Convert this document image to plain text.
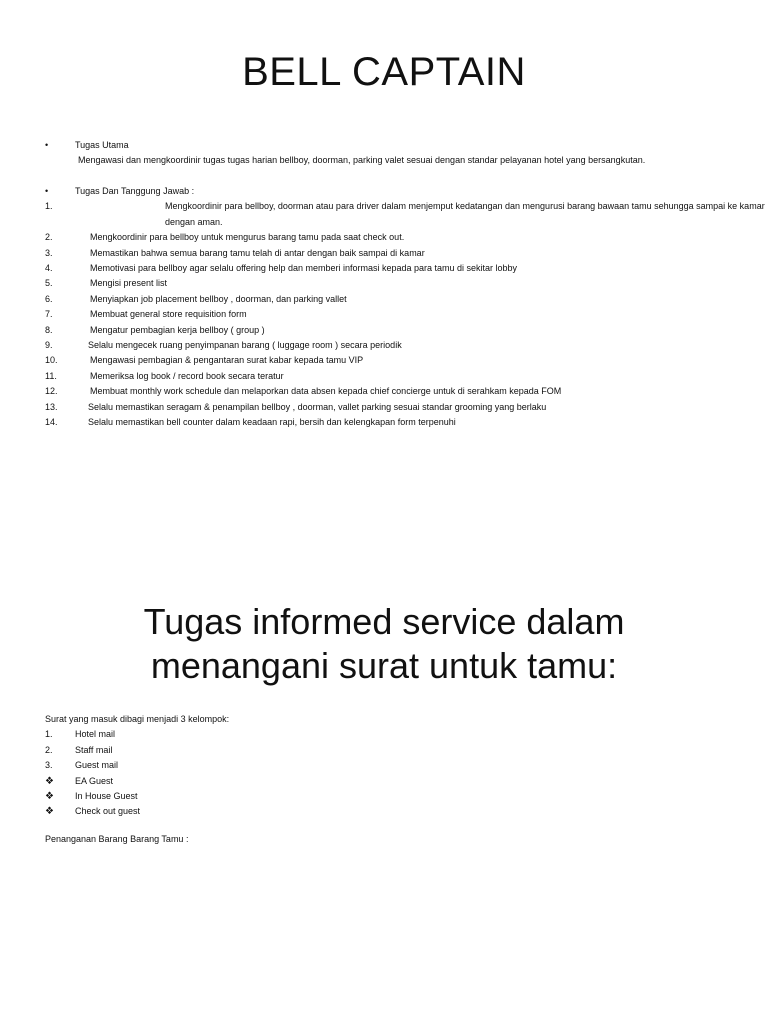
BELL CAPTAIN
•	Tugas Utama
Mengawasi dan mengkoordinir tugas tugas harian bellboy, doorman, parking valet sesuai dengan standar pelayanan hotel yang bersangkutan.
•	Tugas Dan Tanggung Jawab :
1.	Mengkoordinir para bellboy, doorman atau para driver dalam menjemput kedatangan dan mengurusi barang bawaan tamu sehungga sampai ke kamar dengan aman.
2.	Mengkoordinir para bellboy untuk mengurus barang tamu pada saat check out.
3.	Memastikan bahwa semua barang tamu telah di antar dengan baik sampai di kamar
4.	Memotivasi para bellboy agar selalu offering help dan memberi informasi kepada para tamu di sekitar lobby
5.	Mengisi present list
6.	Menyiapkan job placement bellboy , doorman, dan parking vallet
7.	Membuat general store requisition form
8.	Mengatur pembagian kerja bellboy ( group )
9.	Selalu mengecek ruang penyimpanan barang ( luggage room ) secara periodik
10.	Mengawasi pembagian & pengantaran surat kabar kepada tamu VIP
11.	Memeriksa log book / record book secara teratur
12.	Membuat monthly work schedule dan melaporkan data absen kepada chief concierge untuk di serahkam kepada FOM
13.	Selalu memastikan seragam & penampilan bellboy , doorman, vallet parking sesuai standar grooming yang berlaku
14.	Selalu memastikan bell counter dalam keadaan rapi, bersih dan kelengkapan form terpenuhi
Tugas informed service dalam
menangani surat untuk tamu:
Surat yang masuk dibagi menjadi 3 kelompok:
1. Hotel mail
2. Staff mail
3. Guest mail
❖ EA Guest
❖ In House Guest
❖ Check out guest
Penanganan Barang Barang Tamu :
